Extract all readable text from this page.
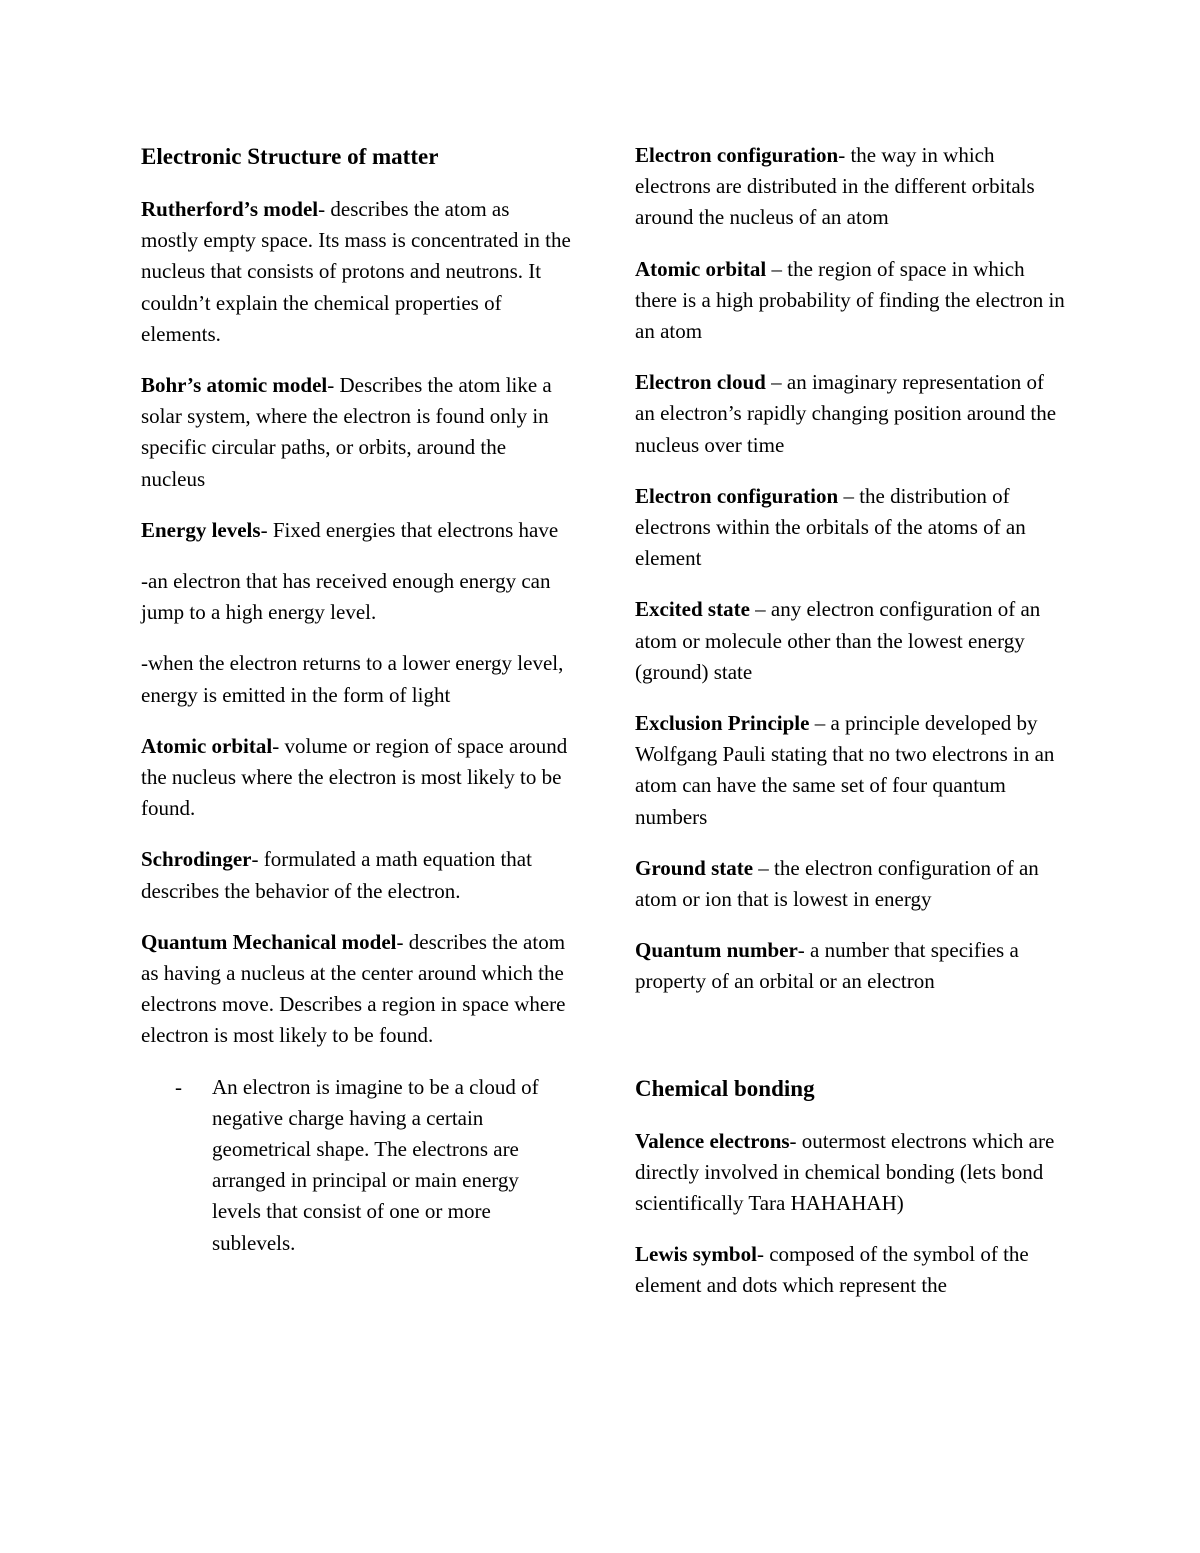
Electronic Structure of matter

Rutherford’s model- describes the atom as mostly empty space. Its mass is concentrated in the nucleus that consists of protons and neutrons. It couldn’t explain the chemical properties of elements.

Bohr’s atomic model- Describes the atom like a solar system, where the electron is found only in specific circular paths, or orbits, around the nucleus

Energy levels- Fixed energies that electrons have

-an electron that has received enough energy can jump to a high energy level.

-when the electron returns to a lower energy level, energy is emitted in the form of light

Atomic orbital- volume or region of space around the nucleus where the electron is most likely to be found.

Schrodinger- formulated a math equation that describes the behavior of the electron.

Quantum Mechanical model- describes the atom as having a nucleus at the center around which the electrons move. Describes a region in space where electron is most likely to be found.

- An electron is imagine to be a cloud of negative charge having a certain geometrical shape. The electrons are arranged in principal or main energy levels that consist of one or more sublevels.

Electron configuration- the way in which electrons are distributed in the different orbitals around the nucleus of an atom

Atomic orbital – the region of space in which there is a high probability of finding the electron in an atom

Electron cloud – an imaginary representation of an electron’s rapidly changing position around the nucleus over time

Electron configuration – the distribution of electrons within the orbitals of the atoms of an element

Excited state – any electron configuration of an atom or molecule other than the lowest energy (ground) state

Exclusion Principle – a principle developed by Wolfgang Pauli stating that no two electrons in an atom can have the same set of four quantum numbers

Ground state – the electron configuration of an atom or ion that is lowest in energy

Quantum number- a number that specifies a property of an orbital or an electron

Chemical bonding

Valence electrons- outermost electrons which are directly involved in chemical bonding (lets bond scientifically Tara HAHAHAH)

Lewis symbol- composed of the symbol of the element and dots which represent the
